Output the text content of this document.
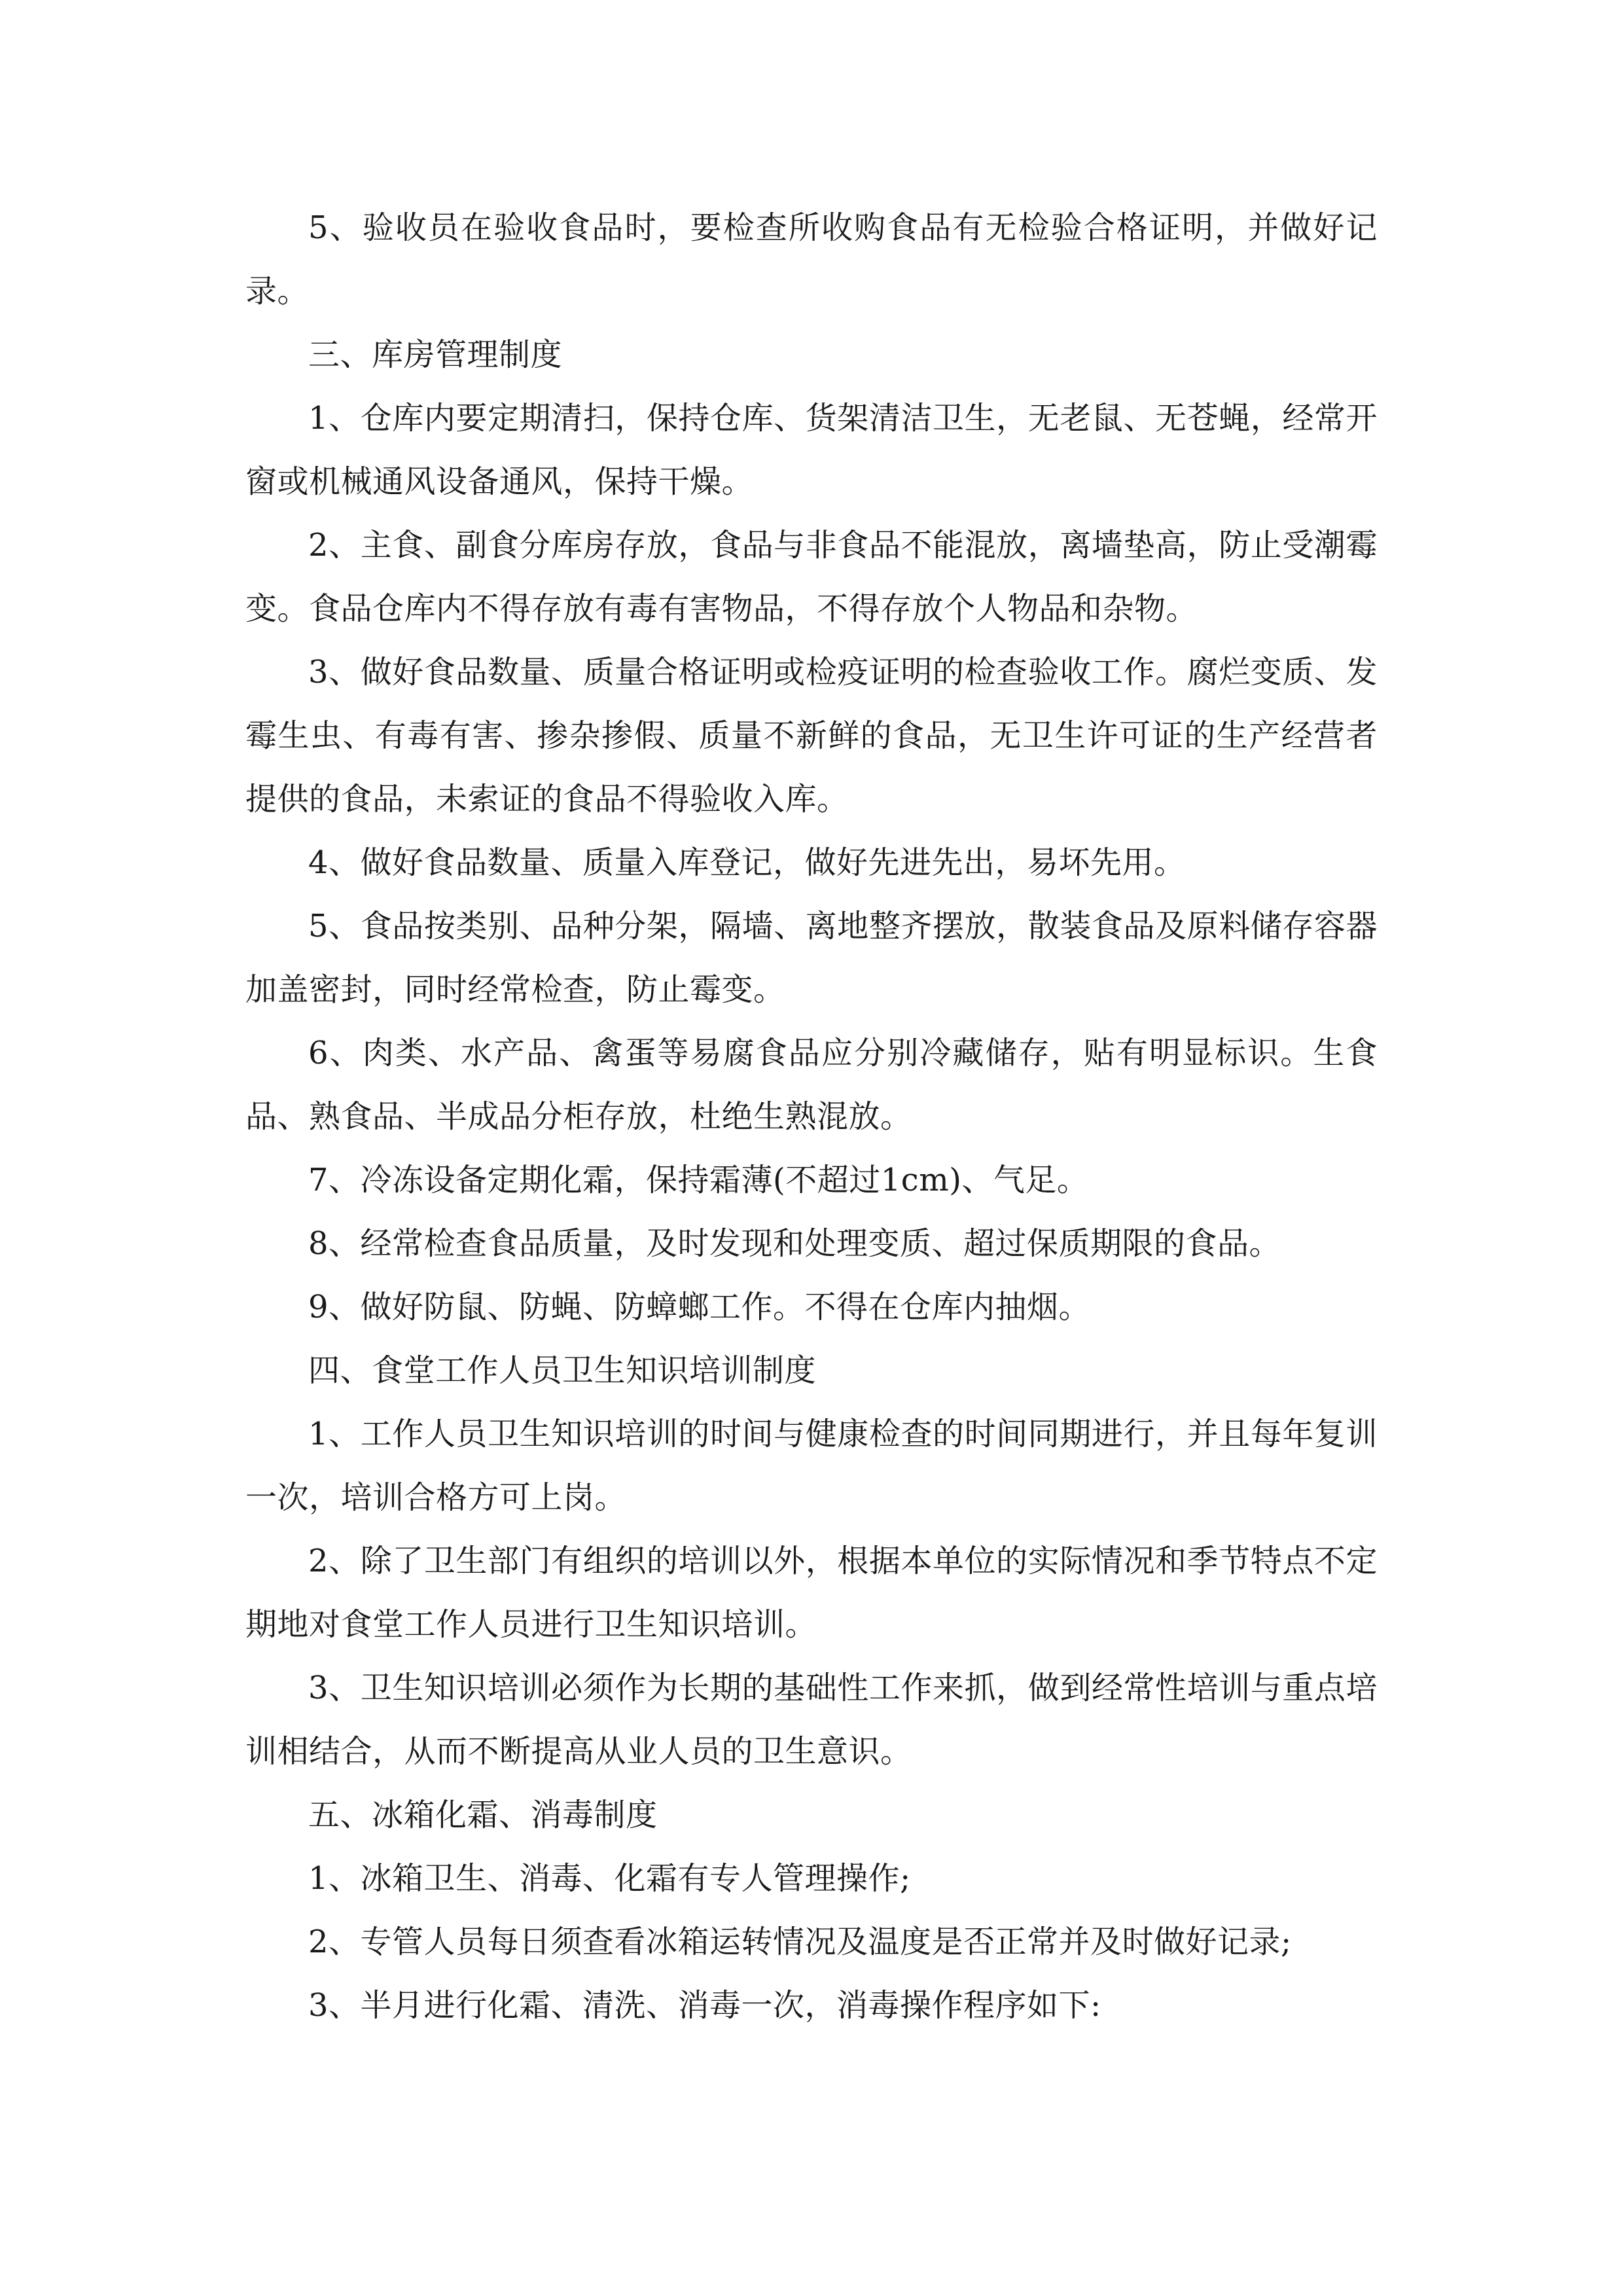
5、验收员在验收食品时，要检查所收购食品有无检验合格证明，并做好记录。

三、库房管理制度

1、仓库内要定期清扫，保持仓库、货架清洁卫生，无老鼠、无苍蝇，经常开窗或机械通风设备通风，保持干燥。

2、主食、副食分库房存放，食品与非食品不能混放，离墙垫高，防止受潮霉变。食品仓库内不得存放有毒有害物品，不得存放个人物品和杂物。

3、做好食品数量、质量合格证明或检疫证明的检查验收工作。腐烂变质、发霉生虫、有毒有害、掺杂掺假、质量不新鲜的食品，无卫生许可证的生产经营者提供的食品，未索证的食品不得验收入库。

4、做好食品数量、质量入库登记，做好先进先出，易坏先用。

5、食品按类别、品种分架，隔墙、离地整齐摆放，散装食品及原料储存容器加盖密封，同时经常检查，防止霉变。

6、肉类、水产品、禽蛋等易腐食品应分别冷藏储存，贴有明显标识。生食品、熟食品、半成品分柜存放，杜绝生熟混放。

7、冷冻设备定期化霜，保持霜薄(不超过1cm)、气足。

8、经常检查食品质量，及时发现和处理变质、超过保质期限的食品。

9、做好防鼠、防蝇、防蟑螂工作。不得在仓库内抽烟。

四、食堂工作人员卫生知识培训制度

1、工作人员卫生知识培训的时间与健康检查的时间同期进行，并且每年复训一次，培训合格方可上岗。

2、除了卫生部门有组织的培训以外，根据本单位的实际情况和季节特点不定期地对食堂工作人员进行卫生知识培训。

3、卫生知识培训必须作为长期的基础性工作来抓，做到经常性培训与重点培训相结合，从而不断提高从业人员的卫生意识。

五、冰箱化霜、消毒制度

1、冰箱卫生、消毒、化霜有专人管理操作;

2、专管人员每日须查看冰箱运转情况及温度是否正常并及时做好记录;

3、半月进行化霜、清洗、消毒一次，消毒操作程序如下:
